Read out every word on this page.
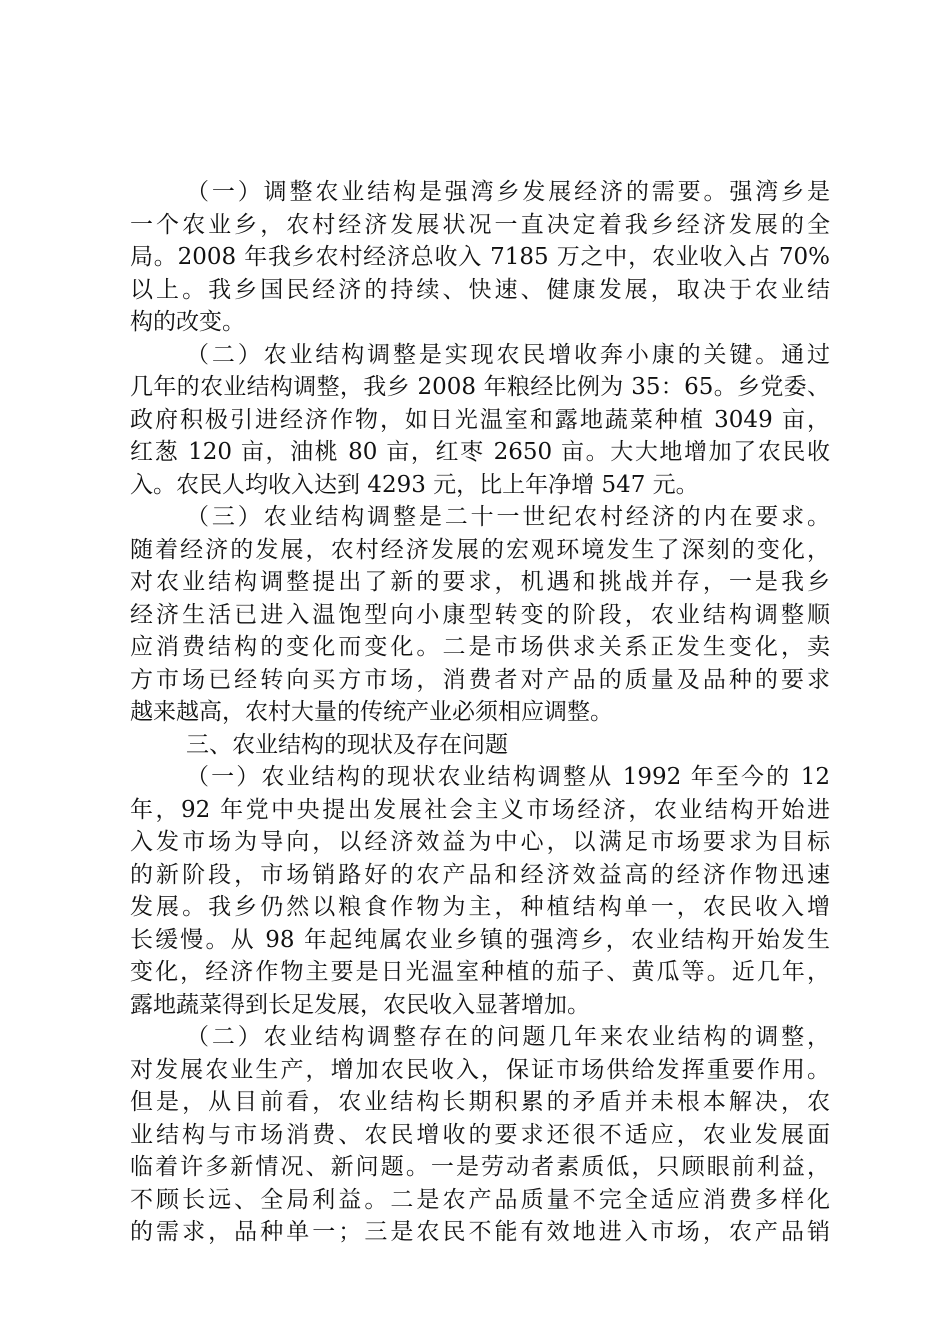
（一）调整农业结构是强湾乡发展经济的需要。强湾乡是
一个农业乡，农村经济发展状况一直决定着我乡经济发展的全
局。2008 年我乡农村经济总收入 7185 万之中，农业收入占 70%
以上。我乡国民经济的持续、快速、健康发展，取决于农业结
构的改变。
（二）农业结构调整是实现农民增收奔小康的关键。通过
几年的农业结构调整，我乡 2008 年粮经比例为 35：65。乡党委、
政府积极引进经济作物，如日光温室和露地蔬菜种植 3049 亩，
红葱 120 亩，油桃 80 亩，红枣 2650 亩。大大地增加了农民收
入。农民人均收入达到 4293 元，比上年净增 547 元。
（三）农业结构调整是二十一世纪农村经济的内在要求。
随着经济的发展，农村经济发展的宏观环境发生了深刻的变化，
对农业结构调整提出了新的要求，机遇和挑战并存，一是我乡
经济生活已进入温饱型向小康型转变的阶段，农业结构调整顺
应消费结构的变化而变化。二是市场供求关系正发生变化，卖
方市场已经转向买方市场，消费者对产品的质量及品种的要求
越来越高，农村大量的传统产业必须相应调整。
三、农业结构的现状及存在问题
（一）农业结构的现状农业结构调整从 1992 年至今的 12
年，92 年党中央提出发展社会主义市场经济，农业结构开始进
入发市场为导向，以经济效益为中心，以满足市场要求为目标
的新阶段，市场销路好的农产品和经济效益高的经济作物迅速
发展。我乡仍然以粮食作物为主，种植结构单一，农民收入增
长缓慢。从 98 年起纯属农业乡镇的强湾乡，农业结构开始发生
变化，经济作物主要是日光温室种植的茄子、黄瓜等。近几年，
露地蔬菜得到长足发展，农民收入显著增加。
（二）农业结构调整存在的问题几年来农业结构的调整，
对发展农业生产，增加农民收入，保证市场供给发挥重要作用。
但是，从目前看，农业结构长期积累的矛盾并未根本解决，农
业结构与市场消费、农民增收的要求还很不适应，农业发展面
临着许多新情况、新问题。一是劳动者素质低，只顾眼前利益，
不顾长远、全局利益。二是农产品质量不完全适应消费多样化
的需求，品种单一；三是农民不能有效地进入市场，农产品销
